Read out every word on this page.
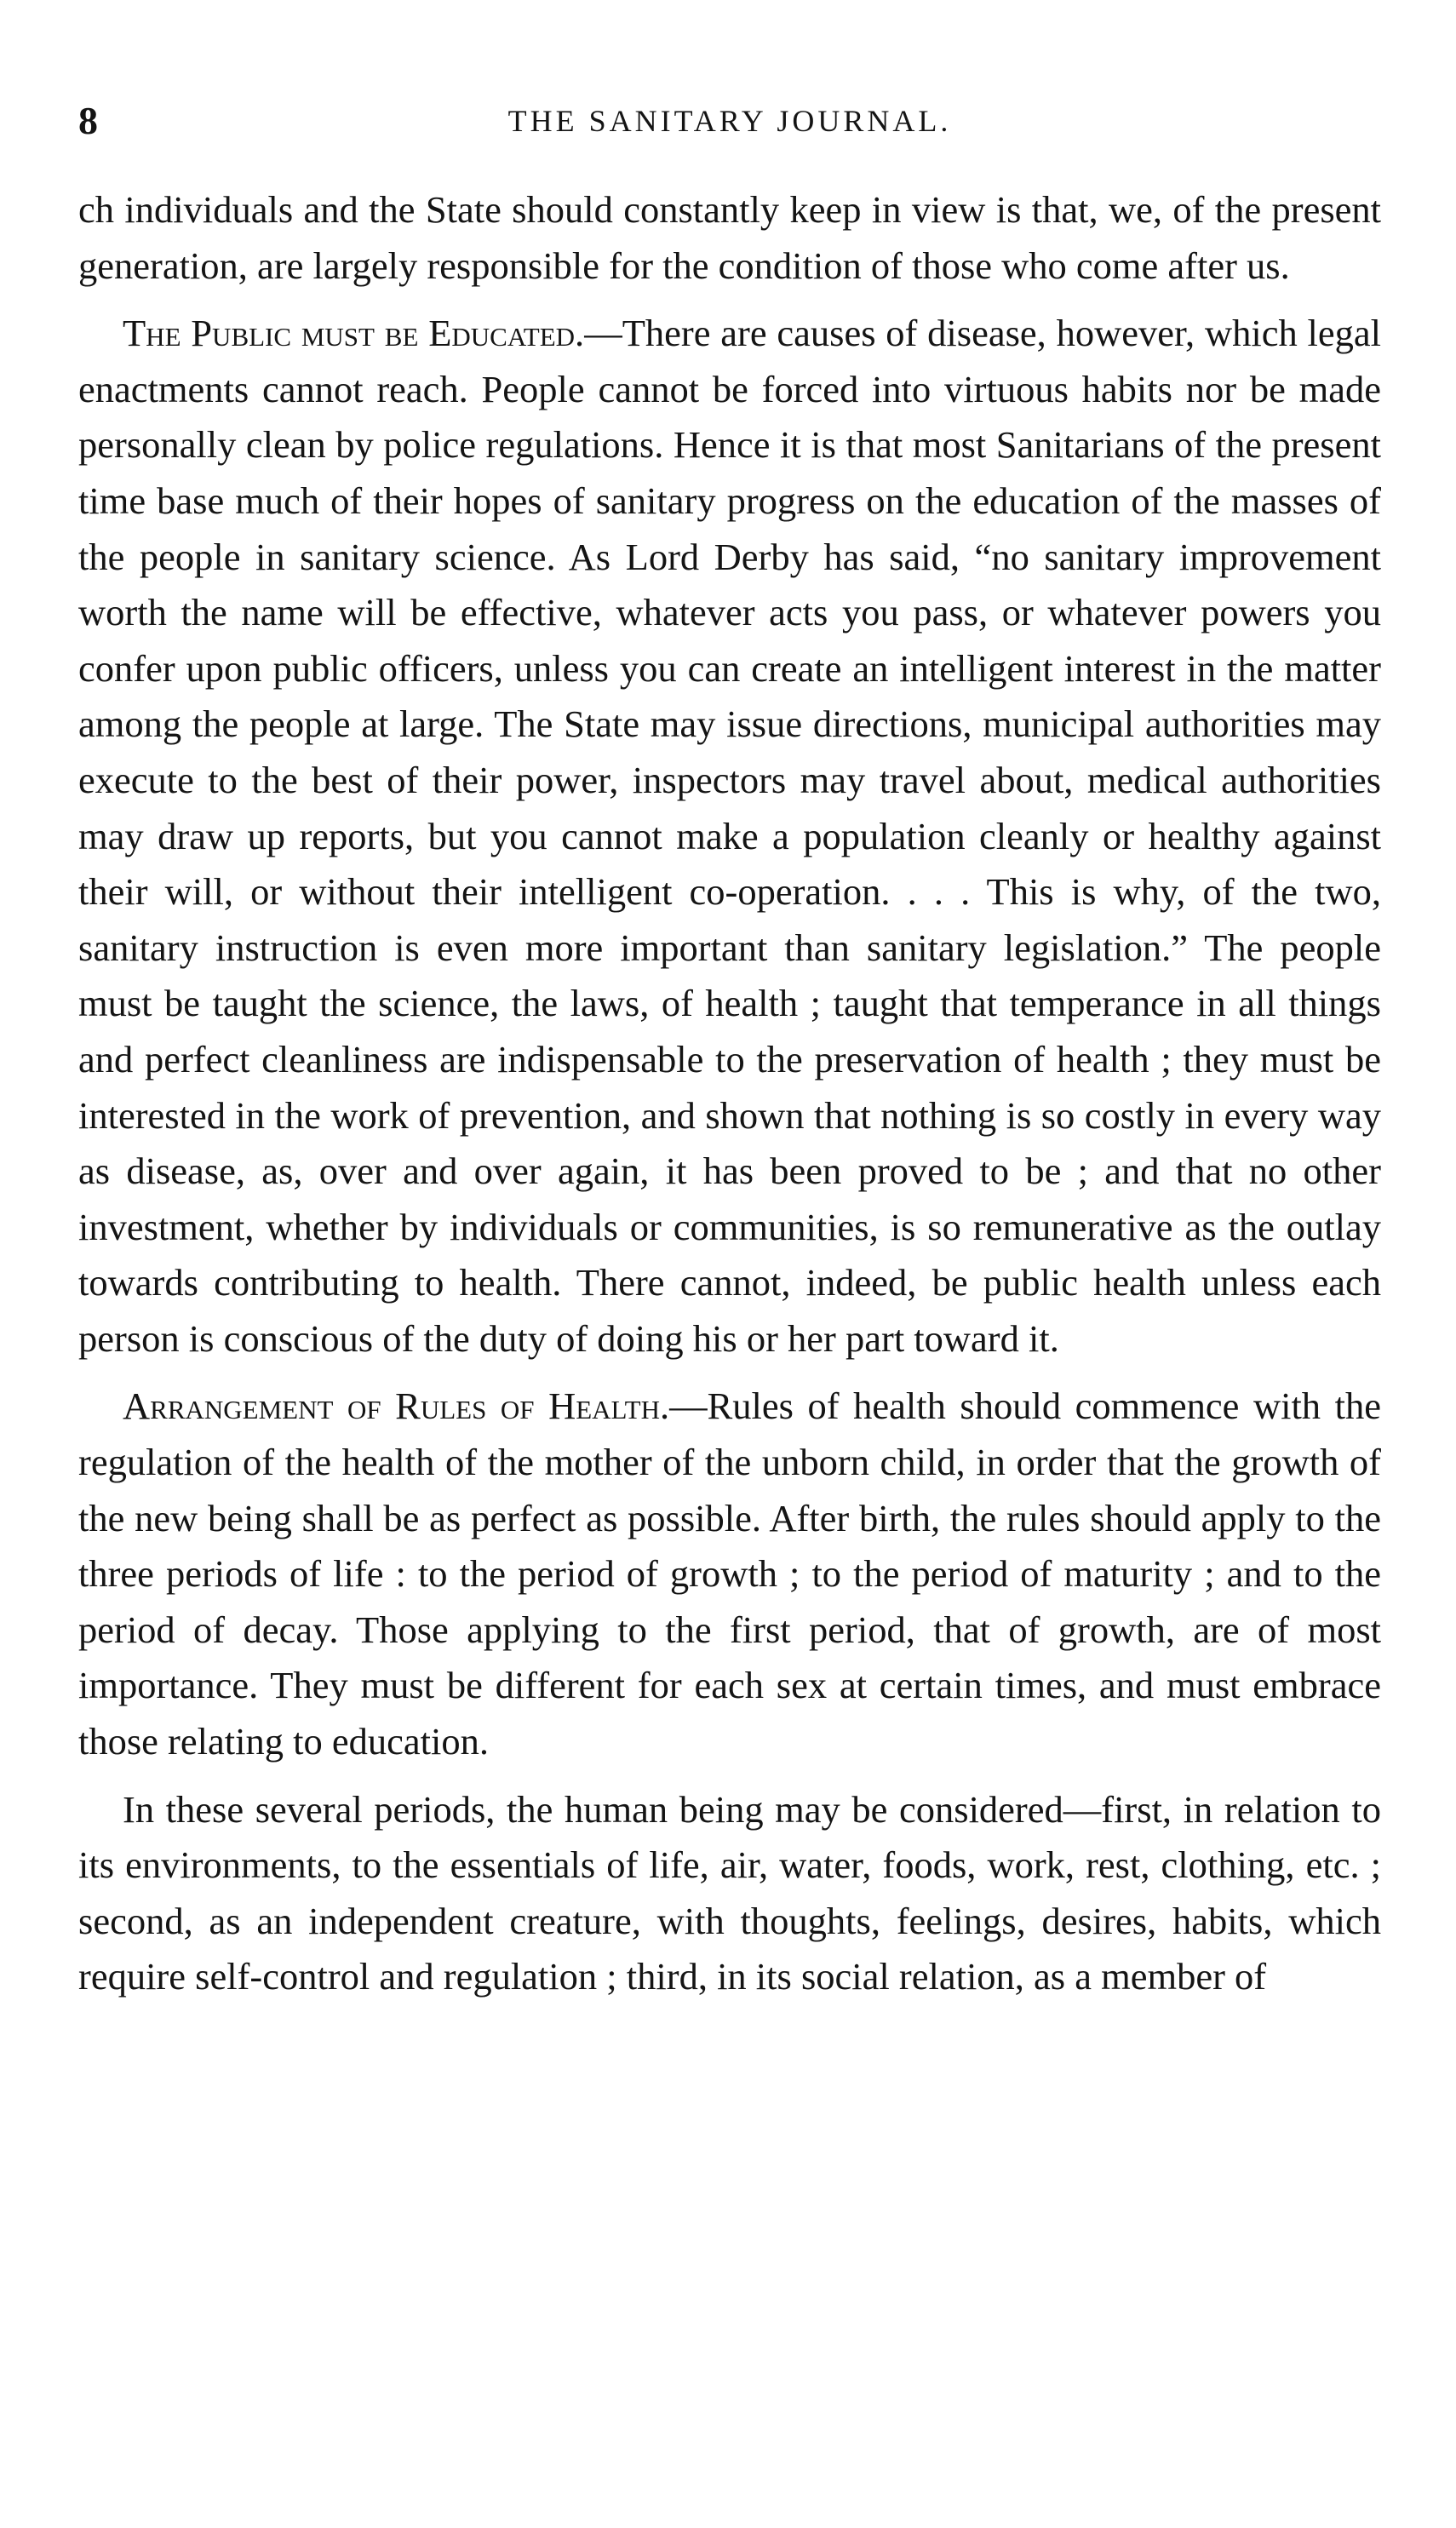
8	THE SANITARY JOURNAL.

ch individuals and the State should constantly keep in view is that, we, of the present generation, are largely responsible for the condition of those who come after us.

The Public must be Educated.—There are causes of disease, however, which legal enactments cannot reach. People cannot be forced into virtuous habits nor be made personally clean by police regulations. Hence it is that most Sanitarians of the present time base much of their hopes of sanitary progress on the education of the masses of the people in sanitary science. As Lord Derby has said, “no sanitary improvement worth the name will be effective, whatever acts you pass, or whatever powers you confer upon public officers, unless you can create an intelligent interest in the matter among the people at large. The State may issue directions, municipal authorities may execute to the best of their power, inspectors may travel about, medical authorities may draw up reports, but you cannot make a population cleanly or healthy against their will, or without their intelligent co-operation. . . . This is why, of the two, sanitary instruction is even more important than sanitary legislation.” The people must be taught the science, the laws, of health ; taught that temperance in all things and perfect cleanliness are indispensable to the preservation of health ; they must be interested in the work of prevention, and shown that nothing is so costly in every way as disease, as, over and over again, it has been proved to be ; and that no other investment, whether by individuals or communities, is so remunerative as the outlay towards contributing to health. There cannot, indeed, be public health unless each person is conscious of the duty of doing his or her part toward it.

Arrangement of Rules of Health.—Rules of health should commence with the regulation of the health of the mother of the unborn child, in order that the growth of the new being shall be as perfect as possible. After birth, the rules should apply to the three periods of life : to the period of growth ; to the period of maturity ; and to the period of decay. Those applying to the first period, that of growth, are of most importance. They must be different for each sex at certain times, and must embrace those relating to education.

In these several periods, the human being may be considered—first, in relation to its environments, to the essentials of life, air, water, foods, work, rest, clothing, etc. ; second, as an independent creature, with thoughts, feelings, desires, habits, which require self-control and regulation ; third, in its social relation, as a member of
